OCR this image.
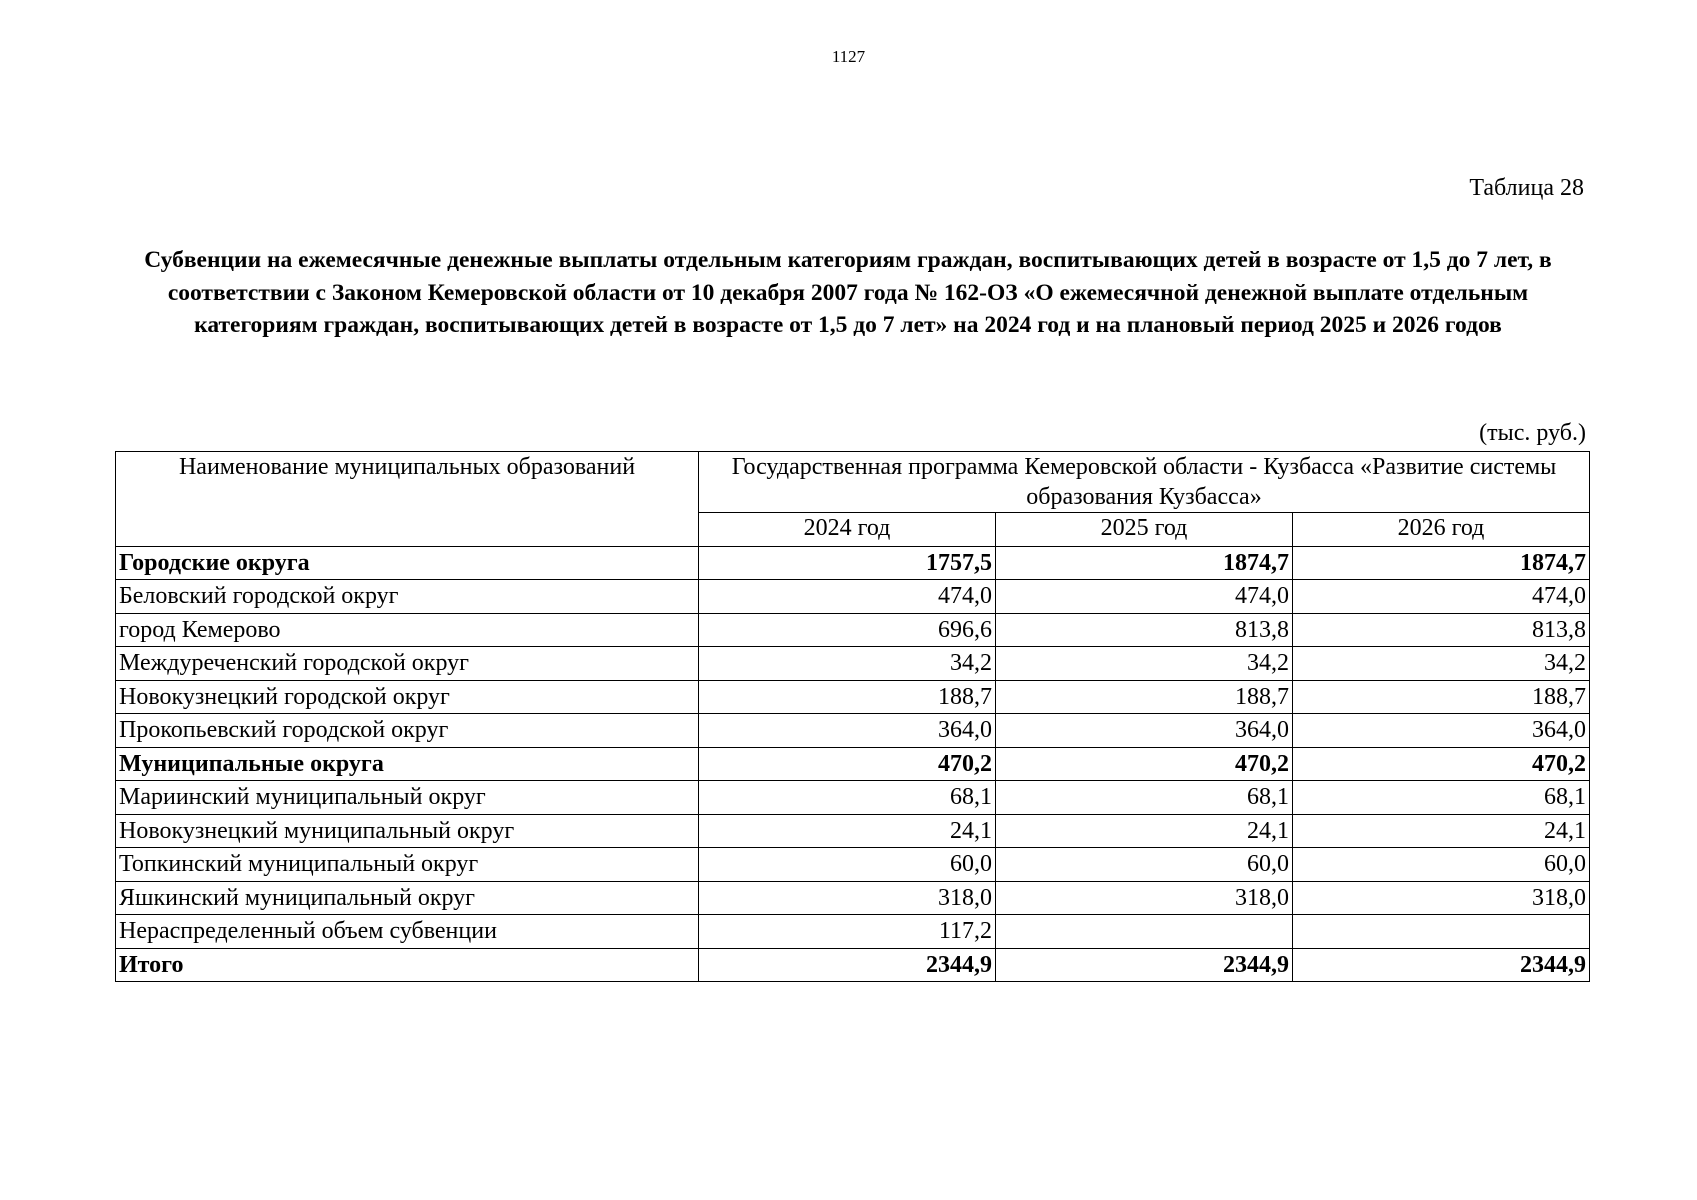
1127
Таблица 28
Субвенции на ежемесячные денежные выплаты отдельным категориям граждан, воспитывающих детей в возрасте от 1,5 до 7 лет, в соответствии с Законом Кемеровской области от 10 декабря 2007 года № 162-ОЗ «О ежемесячной денежной выплате отдельным категориям граждан, воспитывающих детей в возрасте от 1,5 до 7 лет» на 2024 год и на плановый период 2025 и 2026 годов
(тыс. руб.)
Наименование муниципальных образований	Государственная программа Кемеровской области - Кузбасса «Развитие системы образования Кузбасса»		
	2024 год	2025 год	2026 год
Городские округа	1757,5	1874,7	1874,7
Беловский городской округ	474,0	474,0	474,0
город Кемерово	696,6	813,8	813,8
Междуреченский городской округ	34,2	34,2	34,2
Новокузнецкий городской округ	188,7	188,7	188,7
Прокопьевский городской округ	364,0	364,0	364,0
Муниципальные округа	470,2	470,2	470,2
Мариинский муниципальный округ	68,1	68,1	68,1
Новокузнецкий муниципальный округ	24,1	24,1	24,1
Топкинский муниципальный округ	60,0	60,0	60,0
Яшкинский муниципальный округ	318,0	318,0	318,0
Нераспределенный объем субвенции	117,2		
Итого	2344,9	2344,9	2344,9
